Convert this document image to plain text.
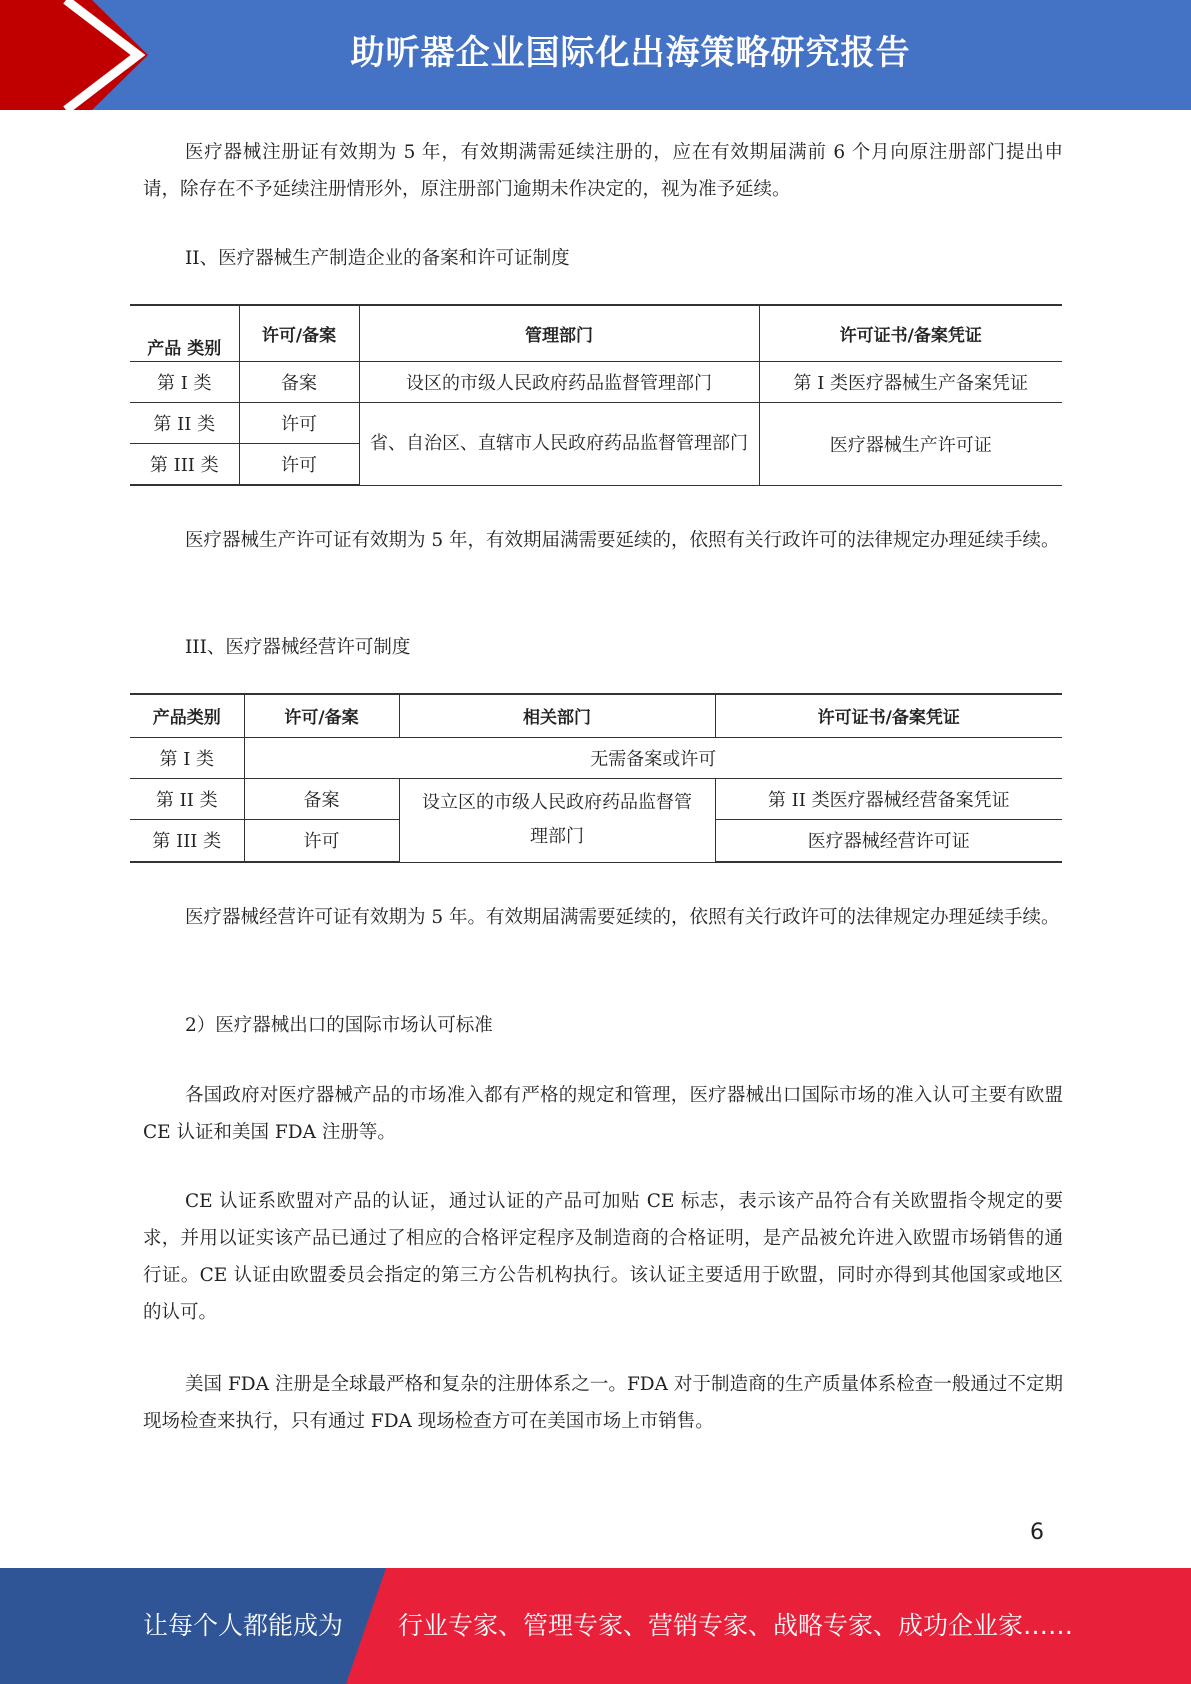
助听器企业国际化出海策略研究报告

医疗器械注册证有效期为 5 年，有效期满需延续注册的，应在有效期届满前 6 个月向原注册部门提出申请，除存在不予延续注册情形外，原注册部门逾期未作决定的，视为准予延续。

II、医疗器械生产制造企业的备案和许可证制度
产品 类别	许可/备案	管理部门	许可证书/备案凭证
第 I 类	备案	设区的市级人民政府药品监督管理部门	第 I 类医疗器械生产备案凭证
第 II 类	许可	省、自治区、直辖市人民政府药品监督管理部门	医疗器械生产许可证
第 III 类	许可		

医疗器械生产许可证有效期为 5 年，有效期届满需要延续的，依照有关行政许可的法律规定办理延续手续。

III、医疗器械经营许可制度
产品类别	许可/备案	相关部门	许可证书/备案凭证
第 I 类	无需备案或许可		
第 II 类	备案	设立区的市级人民政府药品监督管理部门	第 II 类医疗器械经营备案凭证
第 III 类	许可		医疗器械经营许可证

医疗器械经营许可证有效期为 5 年。有效期届满需要延续的，依照有关行政许可的法律规定办理延续手续。

2）医疗器械出口的国际市场认可标准

各国政府对医疗器械产品的市场准入都有严格的规定和管理，医疗器械出口国际市场的准入认可主要有欧盟 CE 认证和美国 FDA 注册等。

CE 认证系欧盟对产品的认证，通过认证的产品可加贴 CE 标志，表示该产品符合有关欧盟指令规定的要求，并用以证实该产品已通过了相应的合格评定程序及制造商的合格证明，是产品被允许进入欧盟市场销售的通行证。CE 认证由欧盟委员会指定的第三方公告机构执行。该认证主要适用于欧盟，同时亦得到其他国家或地区的认可。

美国 FDA 注册是全球最严格和复杂的注册体系之一。FDA 对于制造商的生产质量体系检查一般通过不定期现场检查来执行，只有通过 FDA 现场检查方可在美国市场上市销售。

6
让每个人都能成为 行业专家、管理专家、营销专家、战略专家、成功企业家……
